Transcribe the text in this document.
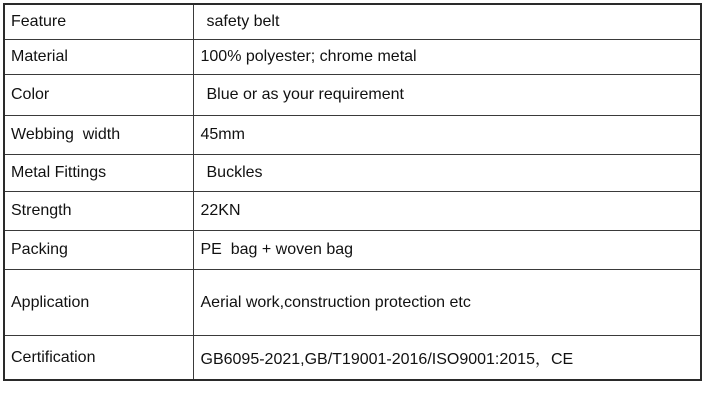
Feature	safety belt
Material	100% polyester; chrome metal
Color	Blue or as your requirement
Webbing  width	45mm
Metal Fittings	Buckles
Strength	22KN
Packing	PE  bag + woven bag
Application	Aerial work,construction protection etc
Certification	GB6095-2021,GB/T19001-2016/ISO9001:2015，CE
